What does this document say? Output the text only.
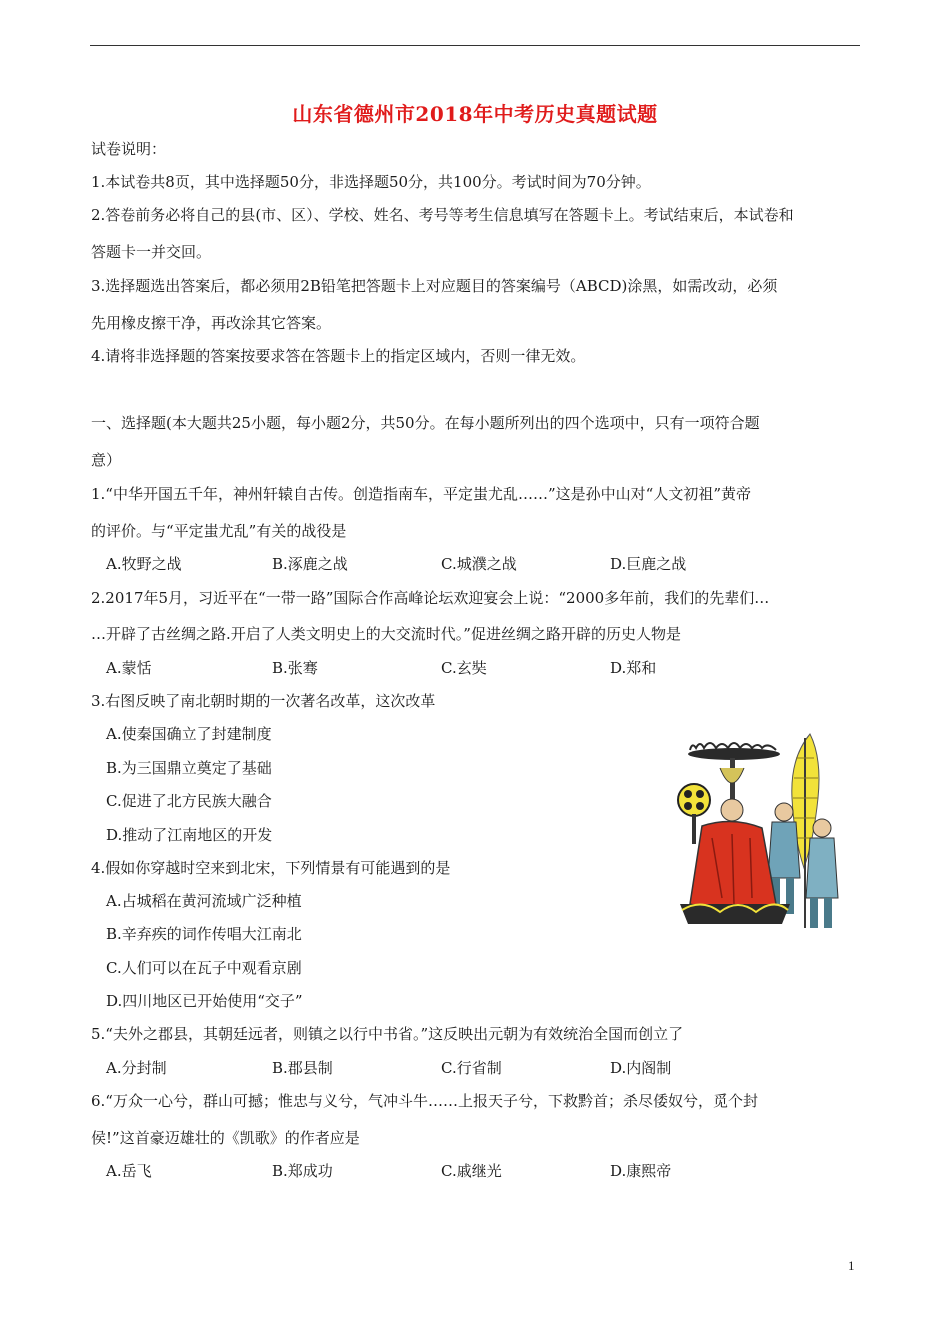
山东省德州市2018年中考历史真题试题
试卷说明：
1.本试卷共8页，其中选择题50分，非选择题50分，共100分。考试时间为70分钟。
2.答卷前务必将自己的县(市、区）、学校、姓名、考号等考生信息填写在答题卡上。考试结束后，本试卷和
答题卡一并交回。
3.选择题选出答案后，都必须用2B铅笔把答题卡上对应题目的答案编号（ABCD)涂黑，如需改动，必须
先用橡皮擦干净，再改涂其它答案。
4.请将非选择题的答案按要求答在答题卡上的指定区域内，否则一律无效。
一、选择题(本大题共25小题，每小题2分，共50分。在每小题所列出的四个选项中，只有一项符合题
意）
1.“中华开国五千年，神州轩辕自古传。创造指南车，平定蚩尤乱……”这是孙中山对“人文初祖”黄帝
的评价。与“平定蚩尤乱”有关的战役是
A.牧野之战	B.涿鹿之战	C.城濮之战	D.巨鹿之战
2.2017年5月，习近平在“一带一路”国际合作高峰论坛欢迎宴会上说：“2000多年前，我们的先辈们…
…开辟了古丝绸之路.开启了人类文明史上的大交流时代。”促进丝绸之路开辟的历史人物是
A.蒙恬	B.张骞	C.玄奘	D.郑和
3.右图反映了南北朝时期的一次著名改革，这次改革
A.使秦国确立了封建制度
B.为三国鼎立奠定了基础
C.促进了北方民族大融合
D.推动了江南地区的开发
4.假如你穿越时空来到北宋，下列情景有可能遇到的是
A.占城稻在黄河流域广泛种植
B.辛弃疾的词作传唱大江南北
C.人们可以在瓦子中观看京剧
D.四川地区已开始使用“交子”
5.“夫外之郡县，其朝廷远者，则镇之以行中书省。”这反映出元朝为有效统治全国而创立了
A.分封制	B.郡县制	C.行省制	D.内阁制
6.“万众一心兮，群山可撼；惟忠与义兮，气冲斗牛……上报天子兮，下救黔首；杀尽倭奴兮，觅个封
侯!”这首豪迈雄壮的《凯歌》的作者应是
A.岳飞	B.郑成功	C.戚继光	D.康熙帝
1
